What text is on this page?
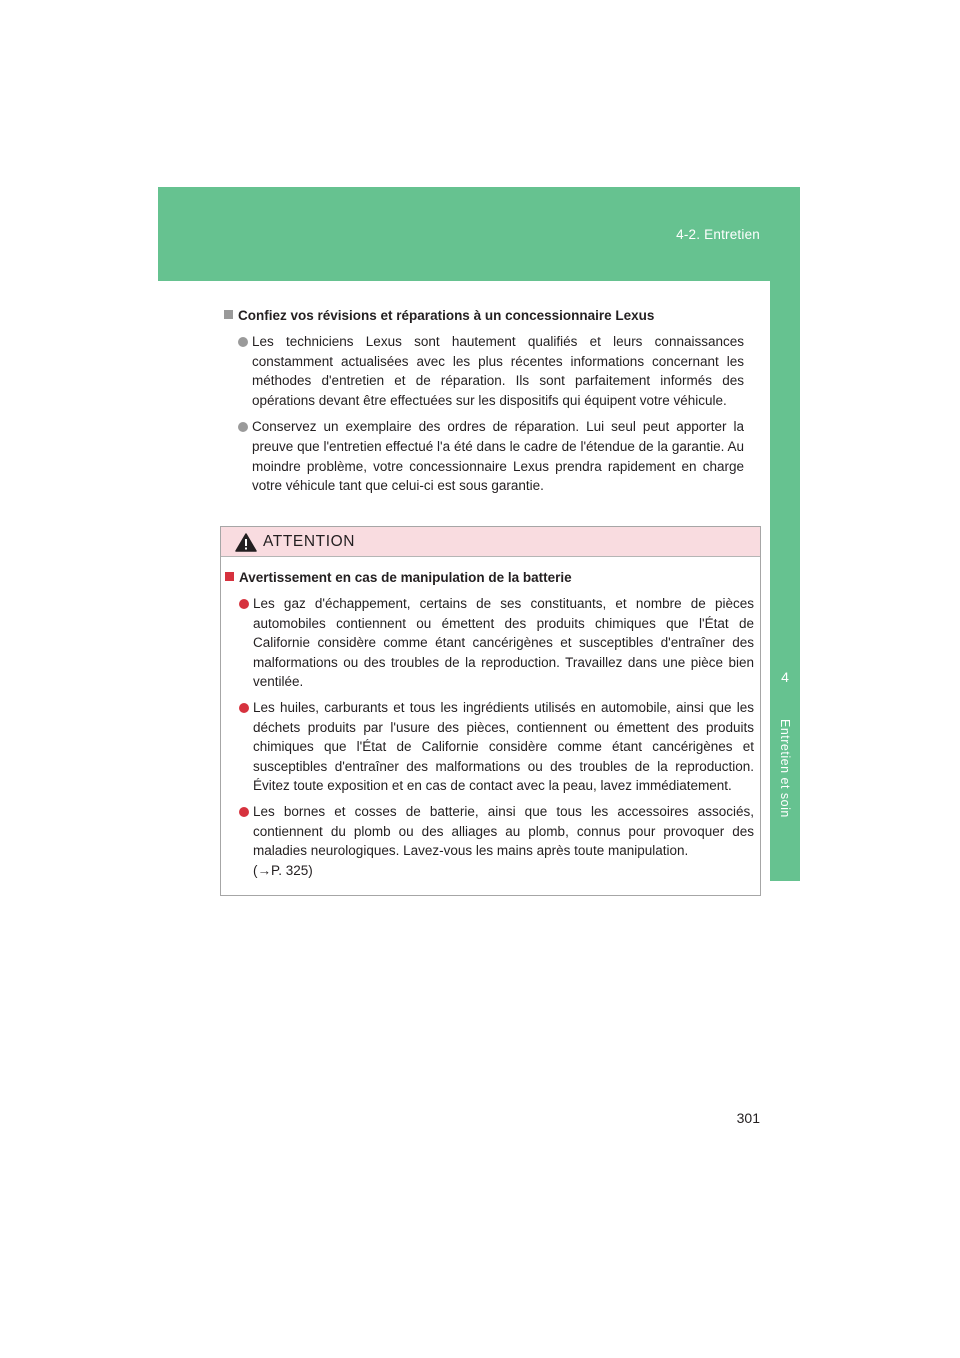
4-2. Entretien
4
Entretien et soin
Confiez vos révisions et réparations à un concessionnaire Lexus
Les techniciens Lexus sont hautement qualifiés et leurs connaissances constamment actualisées avec les plus récentes informations concernant les méthodes d'entretien et de réparation. Ils sont parfaitement informés des opérations devant être effectuées sur les dispositifs qui équipent votre véhicule.
Conservez un exemplaire des ordres de réparation. Lui seul peut apporter la preuve que l'entretien effectué l'a été dans le cadre de l'étendue de la garantie. Au moindre problème, votre concessionnaire Lexus prendra rapidement en charge votre véhicule tant que celui-ci est sous garantie.
ATTENTION
Avertissement en cas de manipulation de la batterie
Les gaz d'échappement, certains de ses constituants, et nombre de pièces automobiles contiennent ou émettent des produits chimiques que l'État de Californie considère comme étant cancérigènes et susceptibles d'entraîner des malformations ou des troubles de la reproduction. Travaillez dans une pièce bien ventilée.
Les huiles, carburants et tous les ingrédients utilisés en automobile, ainsi que les déchets produits par l'usure des pièces, contiennent ou émettent des produits chimiques que l'État de Californie considère comme étant cancérigènes et susceptibles d'entraîner des malformations ou des troubles de la reproduction. Évitez toute exposition et en cas de contact avec la peau, lavez immédiatement.
Les bornes et cosses de batterie, ainsi que tous les accessoires associés, contiennent du plomb ou des alliages au plomb, connus pour provoquer des maladies neurologiques. Lavez-vous les mains après toute manipulation.
(→P. 325)
301
